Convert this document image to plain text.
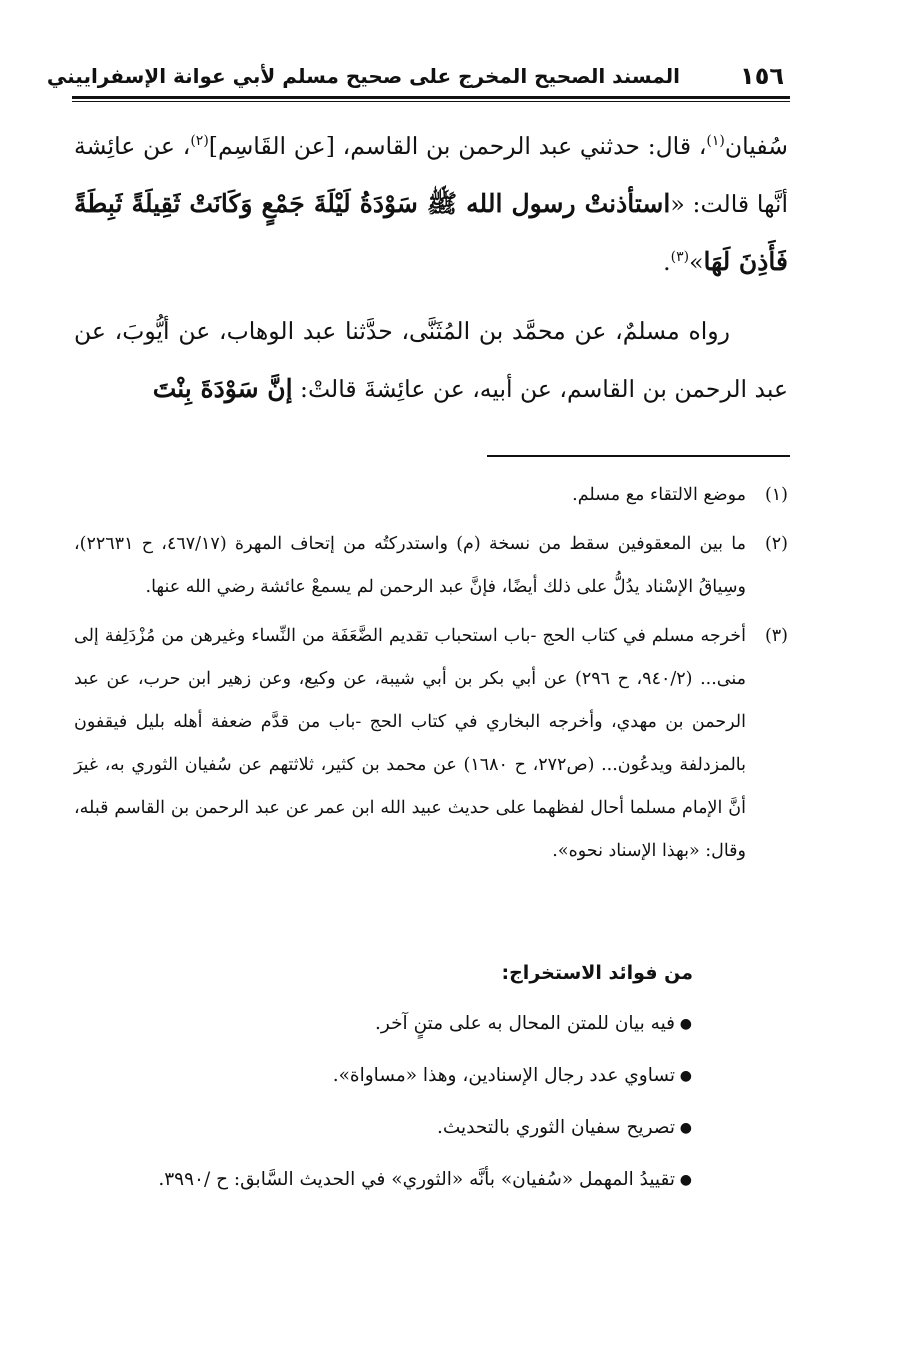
١٥٦
المسند الصحيح المخرج على صحيح مسلم لأبي عوانة الإسفراييني

سُفيان$^{(١)}$، قال: حدثني عبد الرحمن بن القاسم، [عن القَاسِم]$^{(٢)}$، عن عائِشة أنَّها قالت: «استأذنتْ رسول الله ﷺ سَوْدَةُ لَيْلَةَ جَمْعٍ وَكَانَتْ ثَقِيلَةً ثَبِطَةً فَأَذِنَ لَهَا»$^{(٣)}$.

رواه مسلمٌ، عن محمَّد بن المُثَنَّى، حدَّثنا عبد الوهاب، عن أيُّوبَ، عن عبد الرحمن بن القاسم، عن أبيه، عن عائِشةَ قالتْ: إنَّ سَوْدَةَ بِنْتَ

(١)
موضع الالتقاء مع مسلم.

(٢)
ما بين المعقوفين سقط من نسخة (م) واستدركتُه من إتحاف المهرة (٤٦٧/١٧، ح ٢٢٦٣١)، وسِياقُ الإسْناد يدُلُّ على ذلك أيضًا، فإنَّ عبد الرحمن لم يسمعْ عائشة رضي الله عنها.

(٣)
أخرجه مسلم في كتاب الحج -باب استحباب تقديم الضَّعَفَة من النِّساء وغيرهن من مُزْدَلِفة إلى منى... (٩٤٠/٢، ح ٢٩٦) عن أبي بكر بن أبي شيبة، عن وكيع، وعن زهير ابن حرب، عن عبد الرحمن بن مهدي، وأخرجه البخاري في كتاب الحج -باب من قدَّم ضعفة أهله بليل فيقفون بالمزدلفة ويدعُون... (ص٢٧٢، ح ١٦٨٠) عن محمد بن كثير، ثلاثتهم عن سُفيان الثوري به، غيرَ أنَّ الإمام مسلما أحال لفظهما على حديث عبيد الله ابن عمر عن عبد الرحمن بن القاسم قبله، وقال: «بهذا الإسناد نحوه».

من فوائد الاستخراج:

●
فيه بيان للمتن المحال به على متنٍ آخر.
●
تساوي عدد رجال الإسنادين، وهذا «مساواة».
●
تصريح سفيان الثوري بالتحديث.
●
تقييدُ المهمل «سُفيان» بأنَّه «الثوري» في الحديث السَّابق: ح /٣٩٩٠.
